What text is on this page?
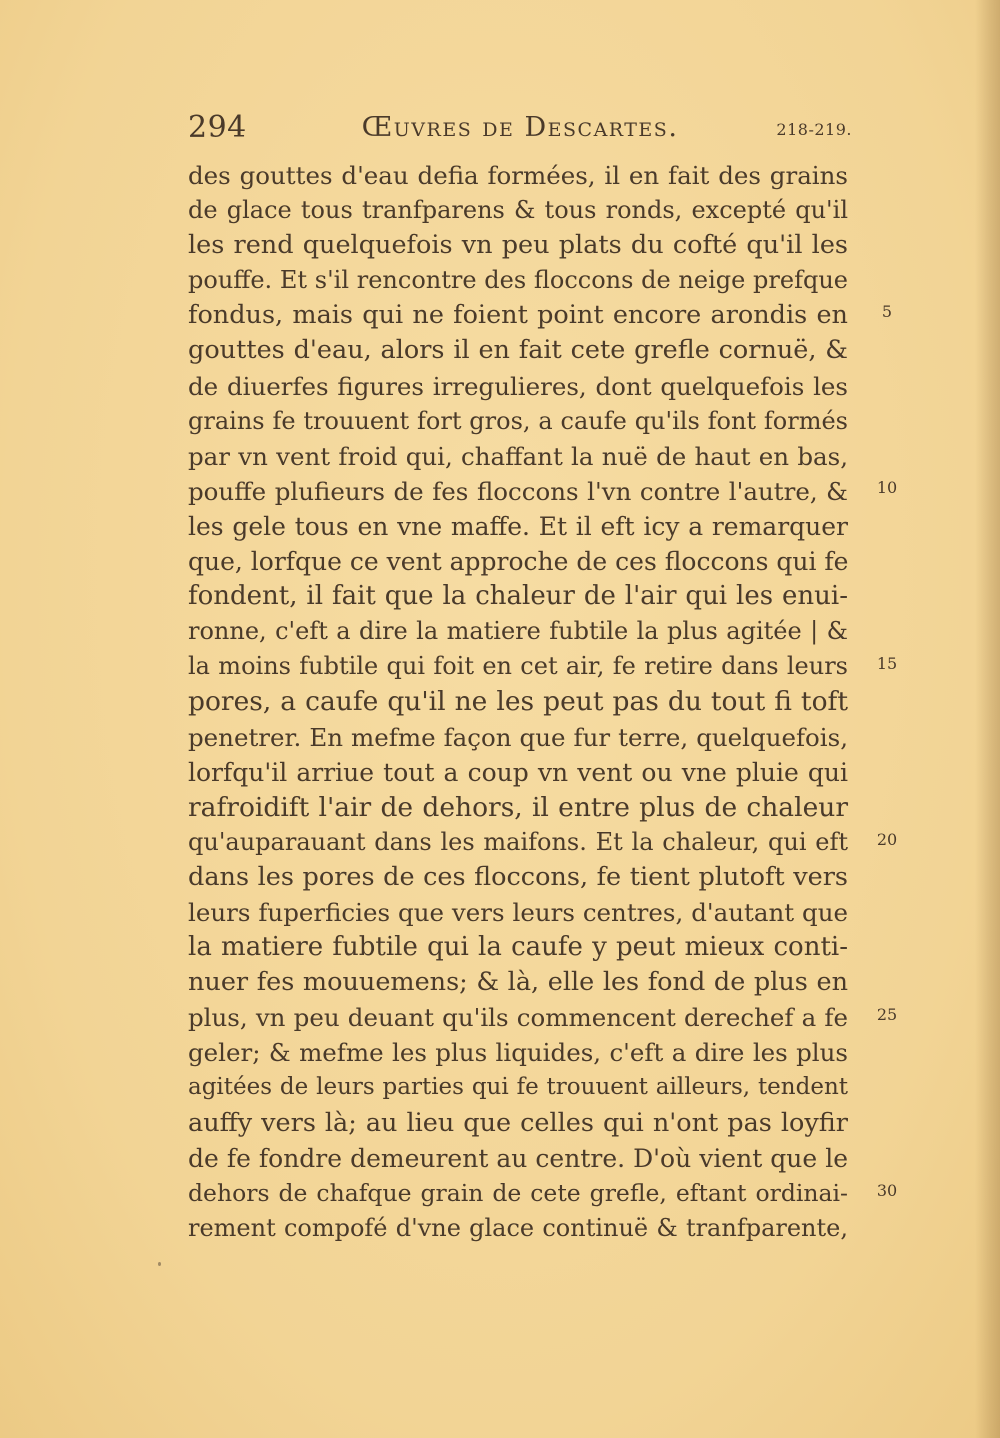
294	Œuvres de Descartes.	218-219.
des gouttes d'eau defia formées, il en fait des grains
de glace tous tranfparens & tous ronds, excepté qu'il
les rend quelquefois vn peu plats du cofté qu'il les
pouffe. Et s'il rencontre des floccons de neige prefque
fondus, mais qui ne foient point encore arondis en
gouttes d'eau, alors il en fait cete grefle cornuë, &
de diuerfes figures irregulieres, dont quelquefois les
grains fe trouuent fort gros, a caufe qu'ils font formés
par vn vent froid qui, chaffant la nuë de haut en bas,
pouffe plufieurs de fes floccons l'vn contre l'autre, &
les gele tous en vne maffe. Et il eft icy a remarquer
que, lorfque ce vent approche de ces floccons qui fe
fondent, il fait que la chaleur de l'air qui les enui-
ronne, c'eft a dire la matiere fubtile la plus agitée | &
la moins fubtile qui foit en cet air, fe retire dans leurs
pores, a caufe qu'il ne les peut pas du tout fi toft
penetrer. En mefme façon que fur terre, quelquefois,
lorfqu'il arriue tout a coup vn vent ou vne pluie qui
rafroidift l'air de dehors, il entre plus de chaleur
qu'auparauant dans les maifons. Et la chaleur, qui eft
dans les pores de ces floccons, fe tient plutoft vers
leurs fuperficies que vers leurs centres, d'autant que
la matiere fubtile qui la caufe y peut mieux conti-
nuer fes mouuemens; & là, elle les fond de plus en
plus, vn peu deuant qu'ils commencent derechef a fe
geler; & mefme les plus liquides, c'eft a dire les plus
agitées de leurs parties qui fe trouuent ailleurs, tendent
auffy vers là; au lieu que celles qui n'ont pas loyfir
de fe fondre demeurent au centre. D'où vient que le
dehors de chafque grain de cete grefle, eftant ordinai-
rement compofé d'vne glace continuë & tranfparente,
5
10
15
20
25
30
